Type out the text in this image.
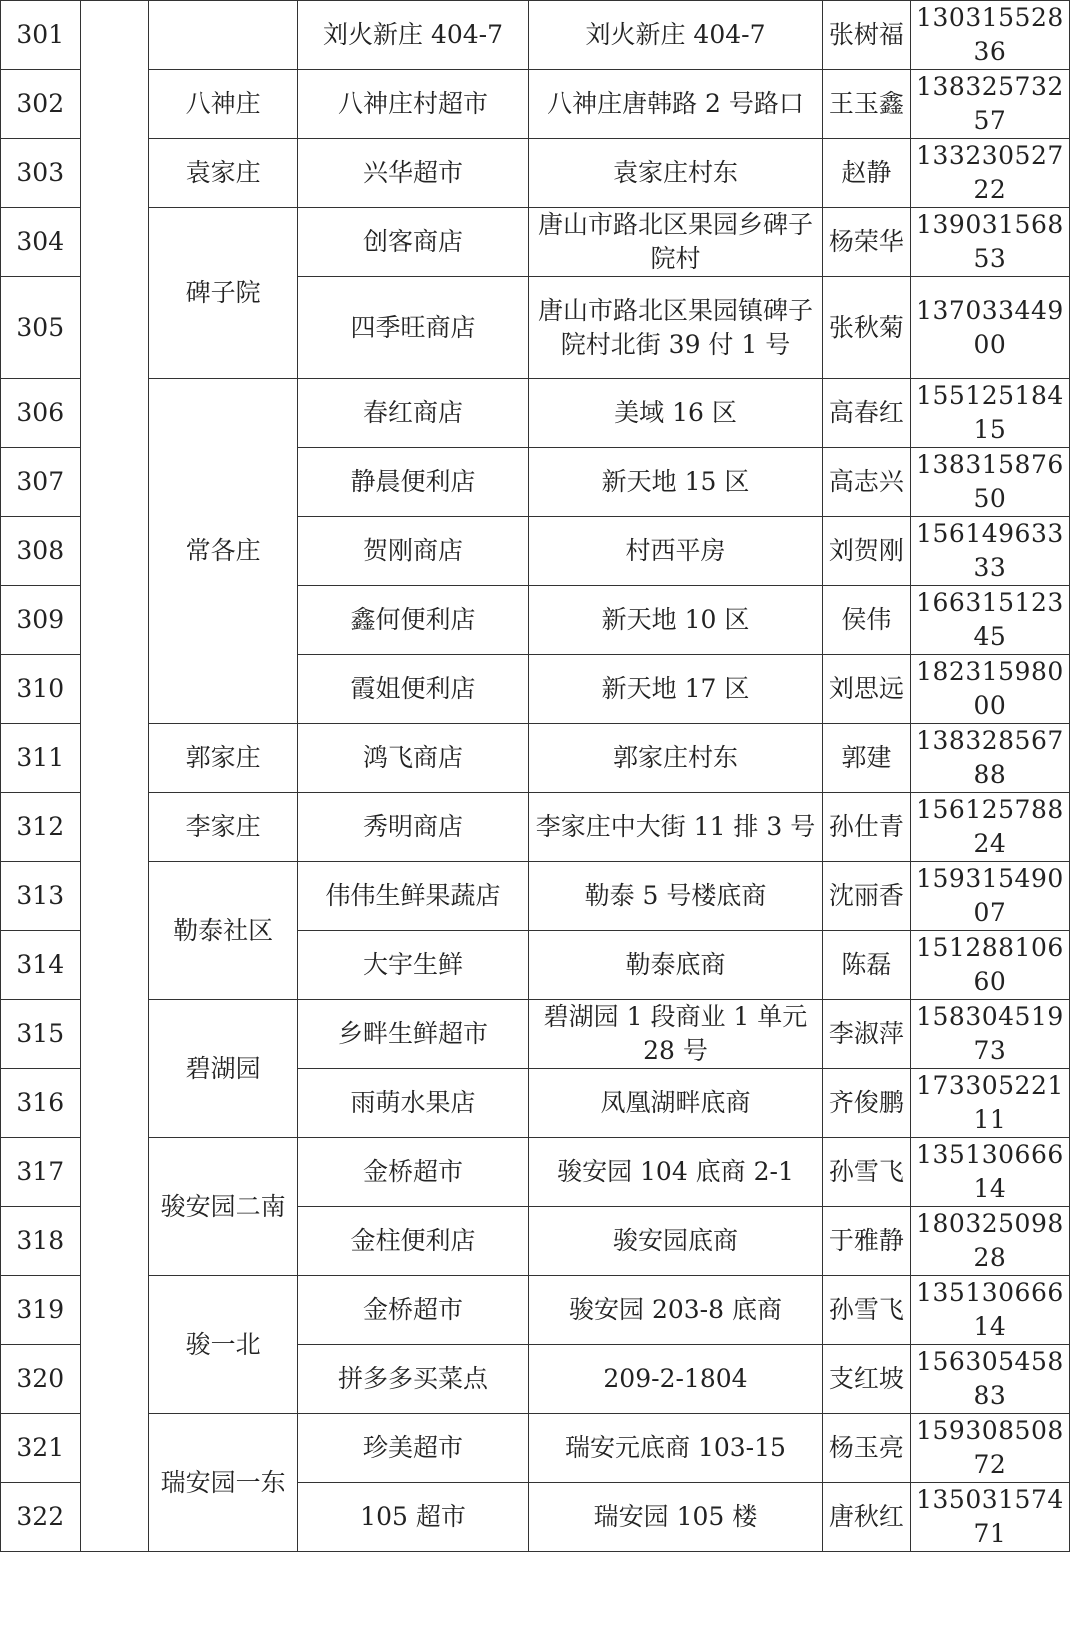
301			刘火新庄 404-7	刘火新庄 404-7	张树福	13031552836
302		八神庄	八神庄村超市	八神庄唐韩路 2 号路口	王玉鑫	13832573257
303		袁家庄	兴华超市	袁家庄村东	赵静	13323052722
304		碑子院	创客商店	唐山市路北区果园乡碑子院村	杨荣华	13903156853
305			四季旺商店	唐山市路北区果园镇碑子院村北街 39 付 1 号	张秋菊	13703344900
306		常各庄	春红商店	美域 16 区	高春红	15512518415
307			静晨便利店	新天地 15 区	高志兴	13831587650
308			贺刚商店	村西平房	刘贺刚	15614963333
309			鑫何便利店	新天地 10 区	侯伟	16631512345
310			霞姐便利店	新天地 17 区	刘思远	18231598000
311		郭家庄	鸿飞商店	郭家庄村东	郭建	13832856788
312		李家庄	秀明商店	李家庄中大街 11 排 3 号	孙仕青	15612578824
313		勒泰社区	伟伟生鲜果蔬店	勒泰 5 号楼底商	沈丽香	15931549007
314			大宇生鲜	勒泰底商	陈磊	15128810660
315		碧湖园	乡畔生鲜超市	碧湖园 1 段商业 1 单元 28 号	李淑萍	15830451973
316			雨萌水果店	凤凰湖畔底商	齐俊鹏	17330522111
317		骏安园二南	金桥超市	骏安园 104 底商 2-1	孙雪飞	13513066614
318			金柱便利店	骏安园底商	于雅静	18032509828
319		骏一北	金桥超市	骏安园 203-8 底商	孙雪飞	13513066614
320			拼多多买菜点	209-2-1804	支红坡	15630545883
321		瑞安园一东	珍美超市	瑞安元底商 103-15	杨玉亮	15930850872
322			105 超市	瑞安园 105 楼	唐秋红	13503157471
